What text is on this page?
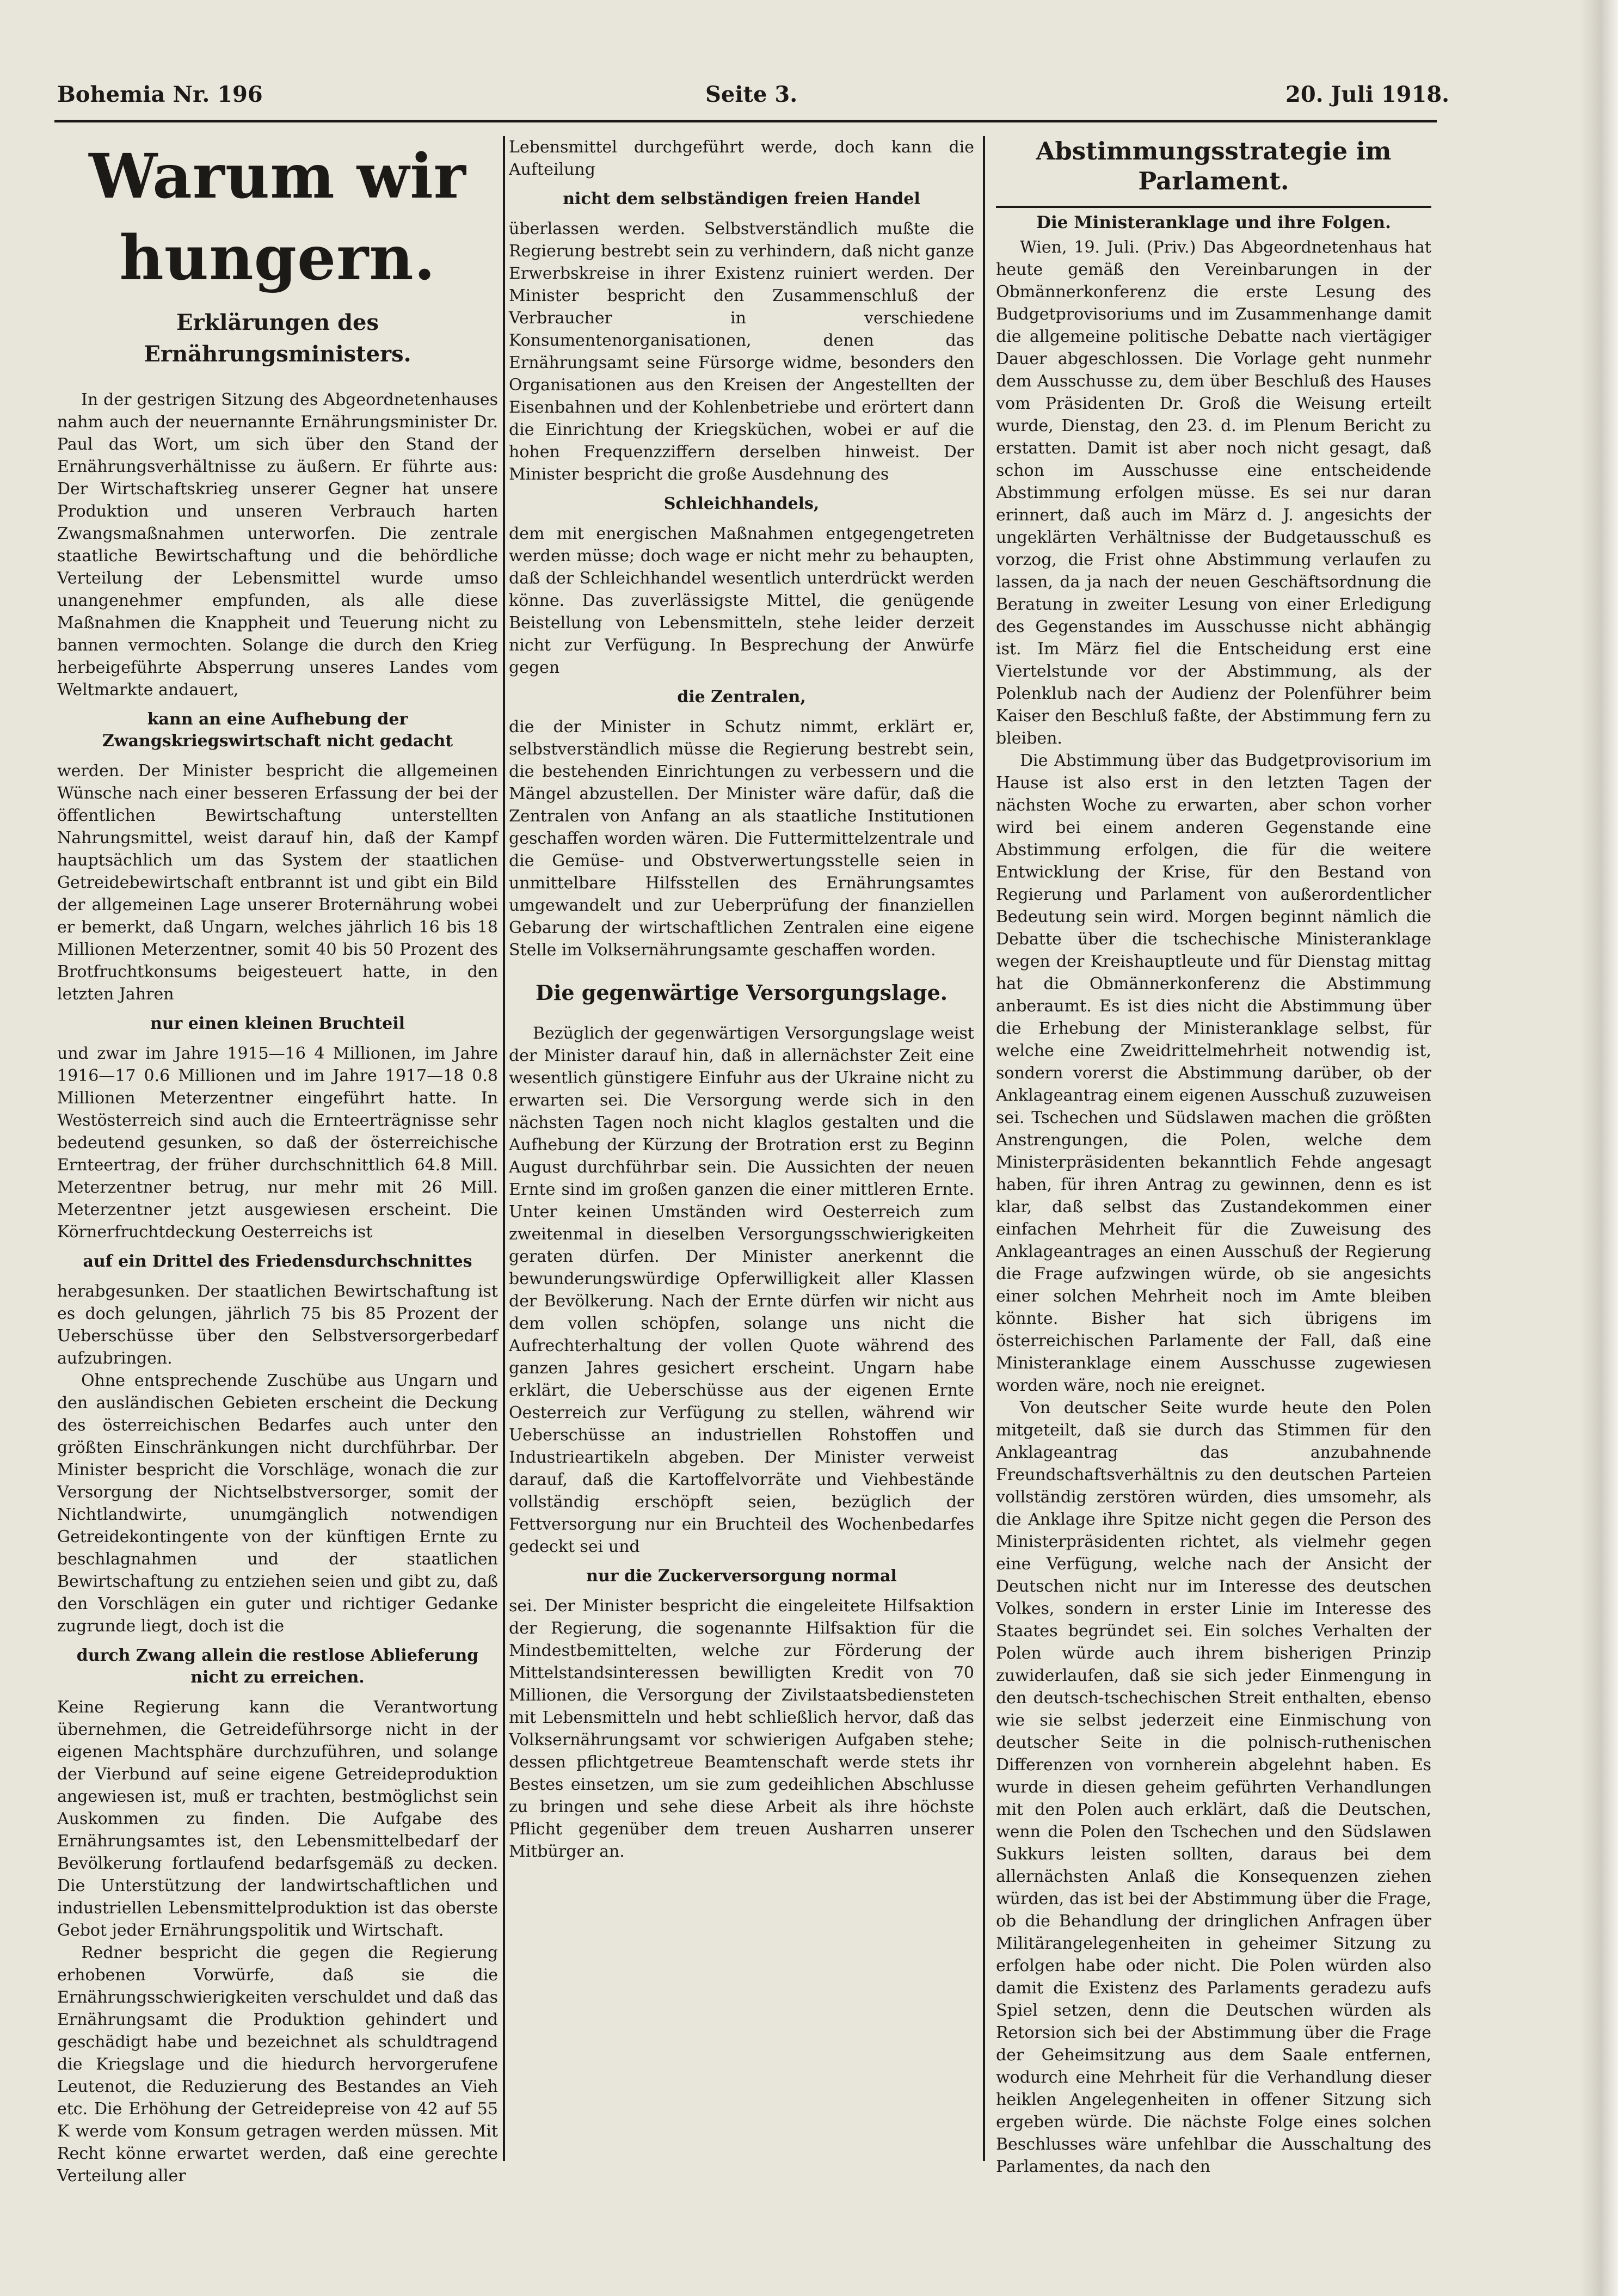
Bohemia Nr. 196	Seite 3.	20. Juli 1918.
Warum wir hungern.
Erklärungen des Ernährungsministers.

In der gestrigen Sitzung des Abgeordnetenhauses nahm auch der neuernannte Ernährungsminister Dr. Paul das Wort, um sich über den Stand der Ernährungsverhältnisse zu äußern. Er führte aus: Der Wirtschaftskrieg unserer Gegner hat unsere Produktion und unseren Verbrauch harten Zwangsmaßnahmen unterworfen. Die zentrale staatliche Bewirtschaftung und die behördliche Verteilung der Lebensmittel wurde umso unangenehmer empfunden, als alle diese Maßnahmen die Knappheit und Teuerung nicht zu bannen vermochten. Solange die durch den Krieg herbeigeführte Absperrung unseres Landes vom Weltmarkte andauert,

kann an eine Aufhebung der Zwangskriegswirtschaft nicht gedacht

werden. Der Minister bespricht die allgemeinen Wünsche nach einer besseren Erfassung der bei der öffentlichen Bewirtschaftung unterstellten Nahrungsmittel, weist darauf hin, daß der Kampf hauptsächlich um das System der staatlichen Getreidebewirtschaft entbrannt ist und gibt ein Bild der allgemeinen Lage unserer Broternährung wobei er bemerkt, daß Ungarn, welches jährlich 16 bis 18 Millionen Meterzentner, somit 40 bis 50 Prozent des Brotfruchtkonsums beigesteuert hatte, in den letzten Jahren

nur einen kleinen Bruchteil

und zwar im Jahre 1915—16 4 Millionen, im Jahre 1916—17 0.6 Millionen und im Jahre 1917—18 0.8 Millionen Meterzentner eingeführt hatte. In Westösterreich sind auch die Ernteerträgnisse sehr bedeutend gesunken, so daß der österreichische Ernteertrag, der früher durchschnittlich 64.8 Mill. Meterzentner betrug, nur mehr mit 26 Mill. Meterzentner jetzt ausgewiesen erscheint. Die Körnerfruchtdeckung Oesterreichs ist

auf ein Drittel des Friedensdurchschnittes

herabgesunken. Der staatlichen Bewirtschaftung ist es doch gelungen, jährlich 75 bis 85 Prozent der Ueberschüsse über den Selbstversorgerbedarf aufzubringen.

Ohne entsprechende Zuschübe aus Ungarn und den ausländischen Gebieten erscheint die Deckung des österreichischen Bedarfes auch unter den größten Einschränkungen nicht durchführbar. Der Minister bespricht die Vorschläge, wonach die zur Versorgung der Nichtselbstversorger, somit der Nichtlandwirte, unumgänglich notwendigen Getreidekontingente von der künftigen Ernte zu beschlagnahmen und der staatlichen Bewirtschaftung zu entziehen seien und gibt zu, daß den Vorschlägen ein guter und richtiger Gedanke zugrunde liegt, doch ist die

durch Zwang allein die restlose Ablieferung nicht zu erreichen.

Keine Regierung kann die Verantwortung übernehmen, die Getreideführsorge nicht in der eigenen Machtsphäre durchzuführen, und solange der Vierbund auf seine eigene Getreideproduktion angewiesen ist, muß er trachten, bestmöglichst sein Auskommen zu finden. Die Aufgabe des Ernährungsamtes ist, den Lebensmittelbedarf der Bevölkerung fortlaufend bedarfsgemäß zu decken. Die Unterstützung der landwirtschaftlichen und industriellen Lebensmittelproduktion ist das oberste Gebot jeder Ernährungspolitik und Wirtschaft.

Redner bespricht die gegen die Regierung erhobenen Vorwürfe, daß sie die Ernährungsschwierigkeiten verschuldet und daß das Ernährungsamt die Produktion gehindert und geschädigt habe und bezeichnet als schuldtragend die Kriegslage und die hiedurch hervorgerufene Leutenot, die Reduzierung des Bestandes an Vieh etc. Die Erhöhung der Getreidepreise von 42 auf 55 K werde vom Konsum getragen werden müssen. Mit Recht könne erwartet werden, daß eine gerechte Verteilung aller

Lebensmittel durchgeführt werde, doch kann die Aufteilung

nicht dem selbständigen freien Handel

überlassen werden. Selbstverständlich mußte die Regierung bestrebt sein zu verhindern, daß nicht ganze Erwerbskreise in ihrer Existenz ruiniert werden. Der Minister bespricht den Zusammenschluß der Verbraucher in verschiedene Konsumentenorganisationen, denen das Ernährungsamt seine Fürsorge widme, besonders den Organisationen aus den Kreisen der Angestellten der Eisenbahnen und der Kohlenbetriebe und erörtert dann die Einrichtung der Kriegsküchen, wobei er auf die hohen Frequenzziffern derselben hinweist. Der Minister bespricht die große Ausdehnung des

Schleichhandels,

dem mit energischen Maßnahmen entgegengetreten werden müsse; doch wage er nicht mehr zu behaupten, daß der Schleichhandel wesentlich unterdrückt werden könne. Das zuverlässigste Mittel, die genügende Beistellung von Lebensmitteln, stehe leider derzeit nicht zur Verfügung. In Besprechung der Anwürfe gegen

die Zentralen,

die der Minister in Schutz nimmt, erklärt er, selbstverständlich müsse die Regierung bestrebt sein, die bestehenden Einrichtungen zu verbessern und die Mängel abzustellen. Der Minister wäre dafür, daß die Zentralen von Anfang an als staatliche Institutionen geschaffen worden wären. Die Futtermittelzentrale und die Gemüse- und Obstverwertungsstelle seien in unmittelbare Hilfsstellen des Ernährungsamtes umgewandelt und zur Ueberprüfung der finanziellen Gebarung der wirtschaftlichen Zentralen eine eigene Stelle im Volksernährungsamte geschaffen worden.

Die gegenwärtige Versorgungslage.

Bezüglich der gegenwärtigen Versorgungslage weist der Minister darauf hin, daß in allernächster Zeit eine wesentlich günstigere Einfuhr aus der Ukraine nicht zu erwarten sei. Die Versorgung werde sich in den nächsten Tagen noch nicht klaglos gestalten und die Aufhebung der Kürzung der Brotration erst zu Beginn August durchführbar sein. Die Aussichten der neuen Ernte sind im großen ganzen die einer mittleren Ernte. Unter keinen Umständen wird Oesterreich zum zweitenmal in dieselben Versorgungsschwierigkeiten geraten dürfen. Der Minister anerkennt die bewunderungswürdige Opferwilligkeit aller Klassen der Bevölkerung. Nach der Ernte dürfen wir nicht aus dem vollen schöpfen, solange uns nicht die Aufrechterhaltung der vollen Quote während des ganzen Jahres gesichert erscheint. Ungarn habe erklärt, die Ueberschüsse aus der eigenen Ernte Oesterreich zur Verfügung zu stellen, während wir Ueberschüsse an industriellen Rohstoffen und Industrieartikeln abgeben. Der Minister verweist darauf, daß die Kartoffelvorräte und Viehbestände vollständig erschöpft seien, bezüglich der Fettversorgung nur ein Bruchteil des Wochenbedarfes gedeckt sei und

nur die Zuckerversorgung normal

sei. Der Minister bespricht die eingeleitete Hilfsaktion der Regierung, die sogenannte Hilfsaktion für die Mindestbemittelten, welche zur Förderung der Mittelstandsinteressen bewilligten Kredit von 70 Millionen, die Versorgung der Zivilstaatsbediensteten mit Lebensmitteln und hebt schließlich hervor, daß das Volksernährungsamt vor schwierigen Aufgaben stehe; dessen pflichtgetreue Beamtenschaft werde stets ihr Bestes einsetzen, um sie zum gedeihlichen Abschlusse zu bringen und sehe diese Arbeit als ihre höchste Pflicht gegenüber dem treuen Ausharren unserer Mitbürger an.

Abstimmungsstrategie im Parlament.
Die Ministeranklage und ihre Folgen.

Wien, 19. Juli. (Priv.) Das Abgeordnetenhaus hat heute gemäß den Vereinbarungen in der Obmännerkonferenz die erste Lesung des Budgetprovisoriums und im Zusammenhange damit die allgemeine politische Debatte nach viertägiger Dauer abgeschlossen. Die Vorlage geht nunmehr dem Ausschusse zu, dem über Beschluß des Hauses vom Präsidenten Dr. Groß die Weisung erteilt wurde, Dienstag, den 23. d. im Plenum Bericht zu erstatten. Damit ist aber noch nicht gesagt, daß schon im Ausschusse eine entscheidende Abstimmung erfolgen müsse. Es sei nur daran erinnert, daß auch im März d. J. angesichts der ungeklärten Verhältnisse der Budgetausschuß es vorzog, die Frist ohne Abstimmung verlaufen zu lassen, da ja nach der neuen Geschäftsordnung die Beratung in zweiter Lesung von einer Erledigung des Gegenstandes im Ausschusse nicht abhängig ist. Im März fiel die Entscheidung erst eine Viertelstunde vor der Abstimmung, als der Polenklub nach der Audienz der Polenführer beim Kaiser den Beschluß faßte, der Abstimmung fern zu bleiben.

Die Abstimmung über das Budgetprovisorium im Hause ist also erst in den letzten Tagen der nächsten Woche zu erwarten, aber schon vorher wird bei einem anderen Gegenstande eine Abstimmung erfolgen, die für die weitere Entwicklung der Krise, für den Bestand von Regierung und Parlament von außerordentlicher Bedeutung sein wird. Morgen beginnt nämlich die Debatte über die tschechische Ministeranklage wegen der Kreishauptleute und für Dienstag mittag hat die Obmännerkonferenz die Abstimmung anberaumt. Es ist dies nicht die Abstimmung über die Erhebung der Ministeranklage selbst, für welche eine Zweidrittelmehrheit notwendig ist, sondern vorerst die Abstimmung darüber, ob der Anklageantrag einem eigenen Ausschuß zuzuweisen sei. Tschechen und Südslawen machen die größten Anstrengungen, die Polen, welche dem Ministerpräsidenten bekanntlich Fehde angesagt haben, für ihren Antrag zu gewinnen, denn es ist klar, daß selbst das Zustandekommen einer einfachen Mehrheit für die Zuweisung des Anklageantrages an einen Ausschuß der Regierung die Frage aufzwingen würde, ob sie angesichts einer solchen Mehrheit noch im Amte bleiben könnte. Bisher hat sich übrigens im österreichischen Parlamente der Fall, daß eine Ministeranklage einem Ausschusse zugewiesen worden wäre, noch nie ereignet.

Von deutscher Seite wurde heute den Polen mitgeteilt, daß sie durch das Stimmen für den Anklageantrag das anzubahnende Freundschaftsverhältnis zu den deutschen Parteien vollständig zerstören würden, dies umsomehr, als die Anklage ihre Spitze nicht gegen die Person des Ministerpräsidenten richtet, als vielmehr gegen eine Verfügung, welche nach der Ansicht der Deutschen nicht nur im Interesse des deutschen Volkes, sondern in erster Linie im Interesse des Staates begründet sei. Ein solches Verhalten der Polen würde auch ihrem bisherigen Prinzip zuwiderlaufen, daß sie sich jeder Einmengung in den deutsch-tschechischen Streit enthalten, ebenso wie sie selbst jederzeit eine Einmischung von deutscher Seite in die polnisch-ruthenischen Differenzen von vornherein abgelehnt haben. Es wurde in diesen geheim geführten Verhandlungen mit den Polen auch erklärt, daß die Deutschen, wenn die Polen den Tschechen und den Südslawen Sukkurs leisten sollten, daraus bei dem allernächsten Anlaß die Konsequenzen ziehen würden, das ist bei der Abstimmung über die Frage, ob die Behandlung der dringlichen Anfragen über Militärangelegenheiten in geheimer Sitzung zu erfolgen habe oder nicht. Die Polen würden also damit die Existenz des Parlaments geradezu aufs Spiel setzen, denn die Deutschen würden als Retorsion sich bei der Abstimmung über die Frage der Geheimsitzung aus dem Saale entfernen, wodurch eine Mehrheit für die Verhandlung dieser heiklen Angelegenheiten in offener Sitzung sich ergeben würde. Die nächste Folge eines solchen Beschlusses wäre unfehlbar die Ausschaltung des Parlamentes, da nach den
